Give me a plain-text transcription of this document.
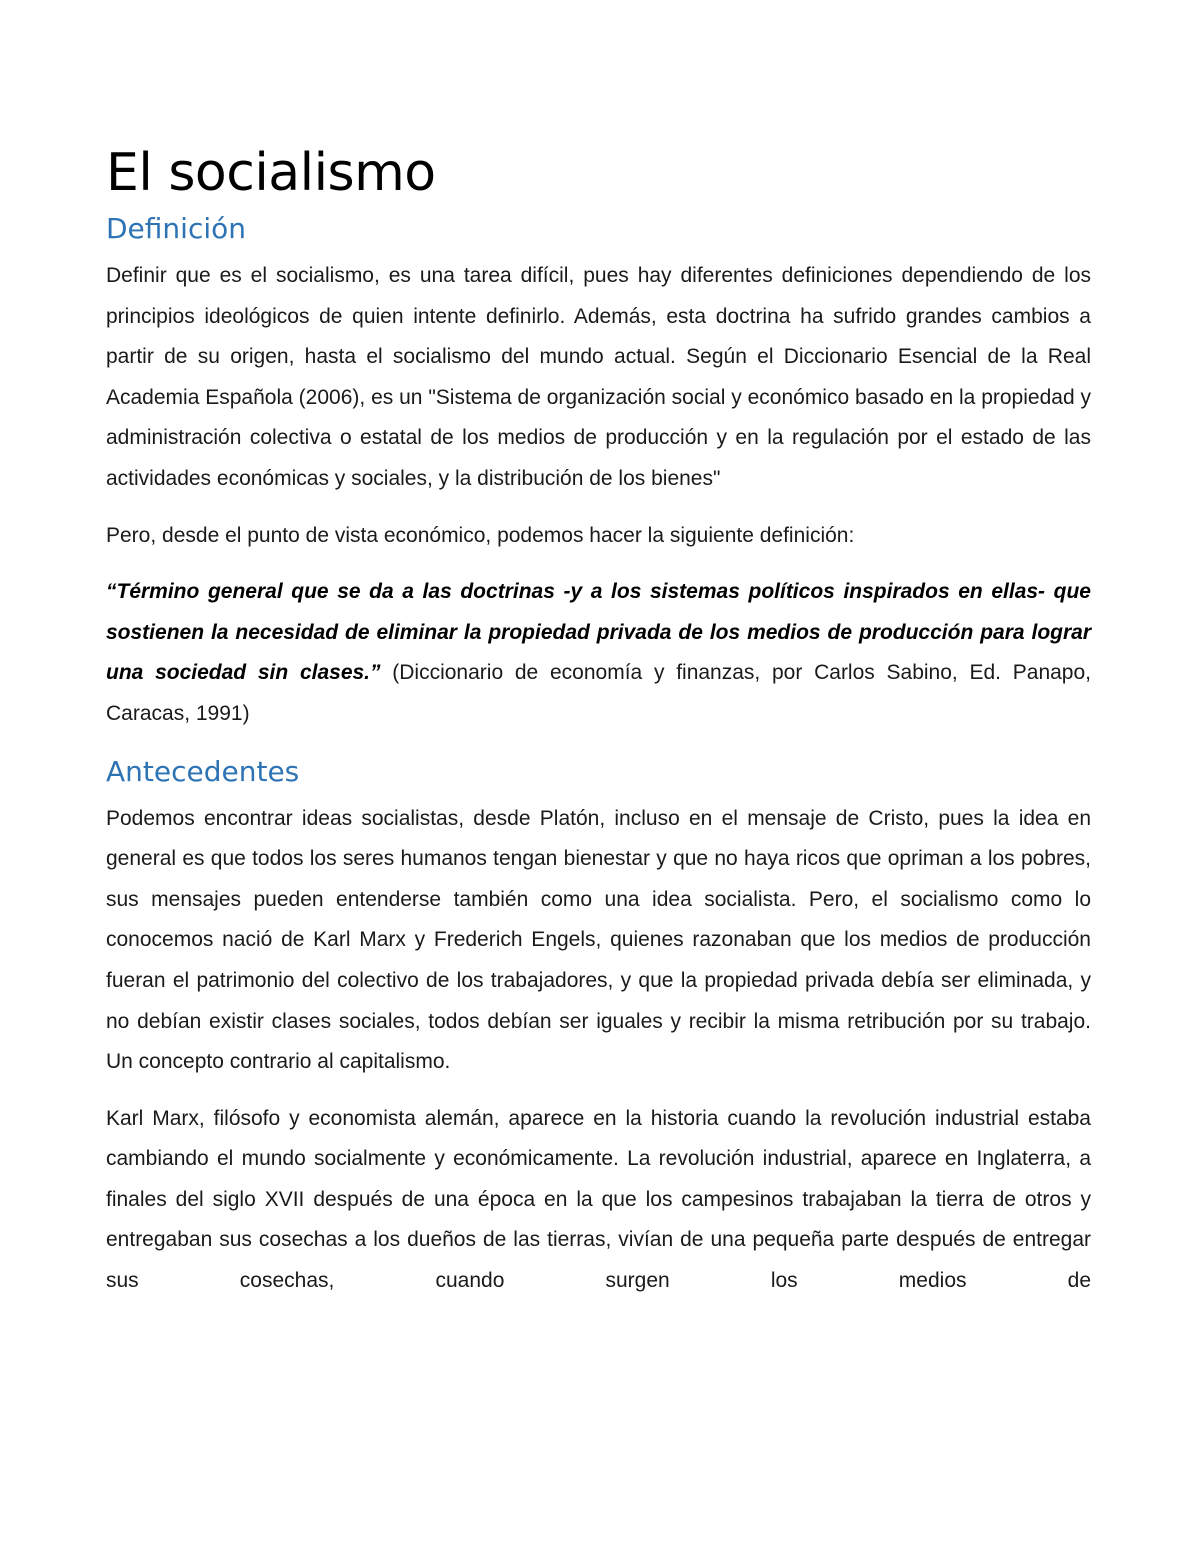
El socialismo
Definición

Definir que es el socialismo, es una tarea difícil, pues hay diferentes definiciones dependiendo de los principios ideológicos de quien intente definirlo. Además, esta doctrina ha sufrido grandes cambios a partir de su origen, hasta el socialismo del mundo actual. Según el Diccionario Esencial de la Real Academia Española (2006), es un "Sistema de organización social y económico basado en la propiedad y administración colectiva o estatal de los medios de producción y en la regulación por el estado de las actividades económicas y sociales, y la distribución de los bienes"

Pero, desde el punto de vista económico, podemos hacer la siguiente definición:

“Término general que se da a las doctrinas -y a los sistemas políticos inspirados en ellas- que sostienen la necesidad de eliminar la propiedad privada de los medios de producción para lograr una sociedad sin clases.” (Diccionario de economía y finanzas, por Carlos Sabino, Ed. Panapo, Caracas, 1991)

Antecedentes

Podemos encontrar ideas socialistas, desde Platón, incluso en el mensaje de Cristo, pues la idea en general es que todos los seres humanos tengan bienestar y que no haya ricos que opriman a los pobres, sus mensajes pueden entenderse también como una idea socialista. Pero, el socialismo como lo conocemos nació de Karl Marx y Frederich Engels, quienes razonaban que los medios de producción fueran el patrimonio del colectivo de los trabajadores, y que la propiedad privada debía ser eliminada, y no debían existir clases sociales, todos debían ser iguales y recibir la misma retribución por su trabajo. Un concepto contrario al capitalismo.

Karl Marx, filósofo y economista alemán, aparece en la historia cuando la revolución industrial estaba cambiando el mundo socialmente y económicamente. La revolución industrial, aparece en Inglaterra, a finales del siglo XVII después de una época en la que los campesinos trabajaban la tierra de otros y entregaban sus cosechas a los dueños de las tierras, vivían de una pequeña parte después de entregar sus cosechas, cuando surgen los medios de
